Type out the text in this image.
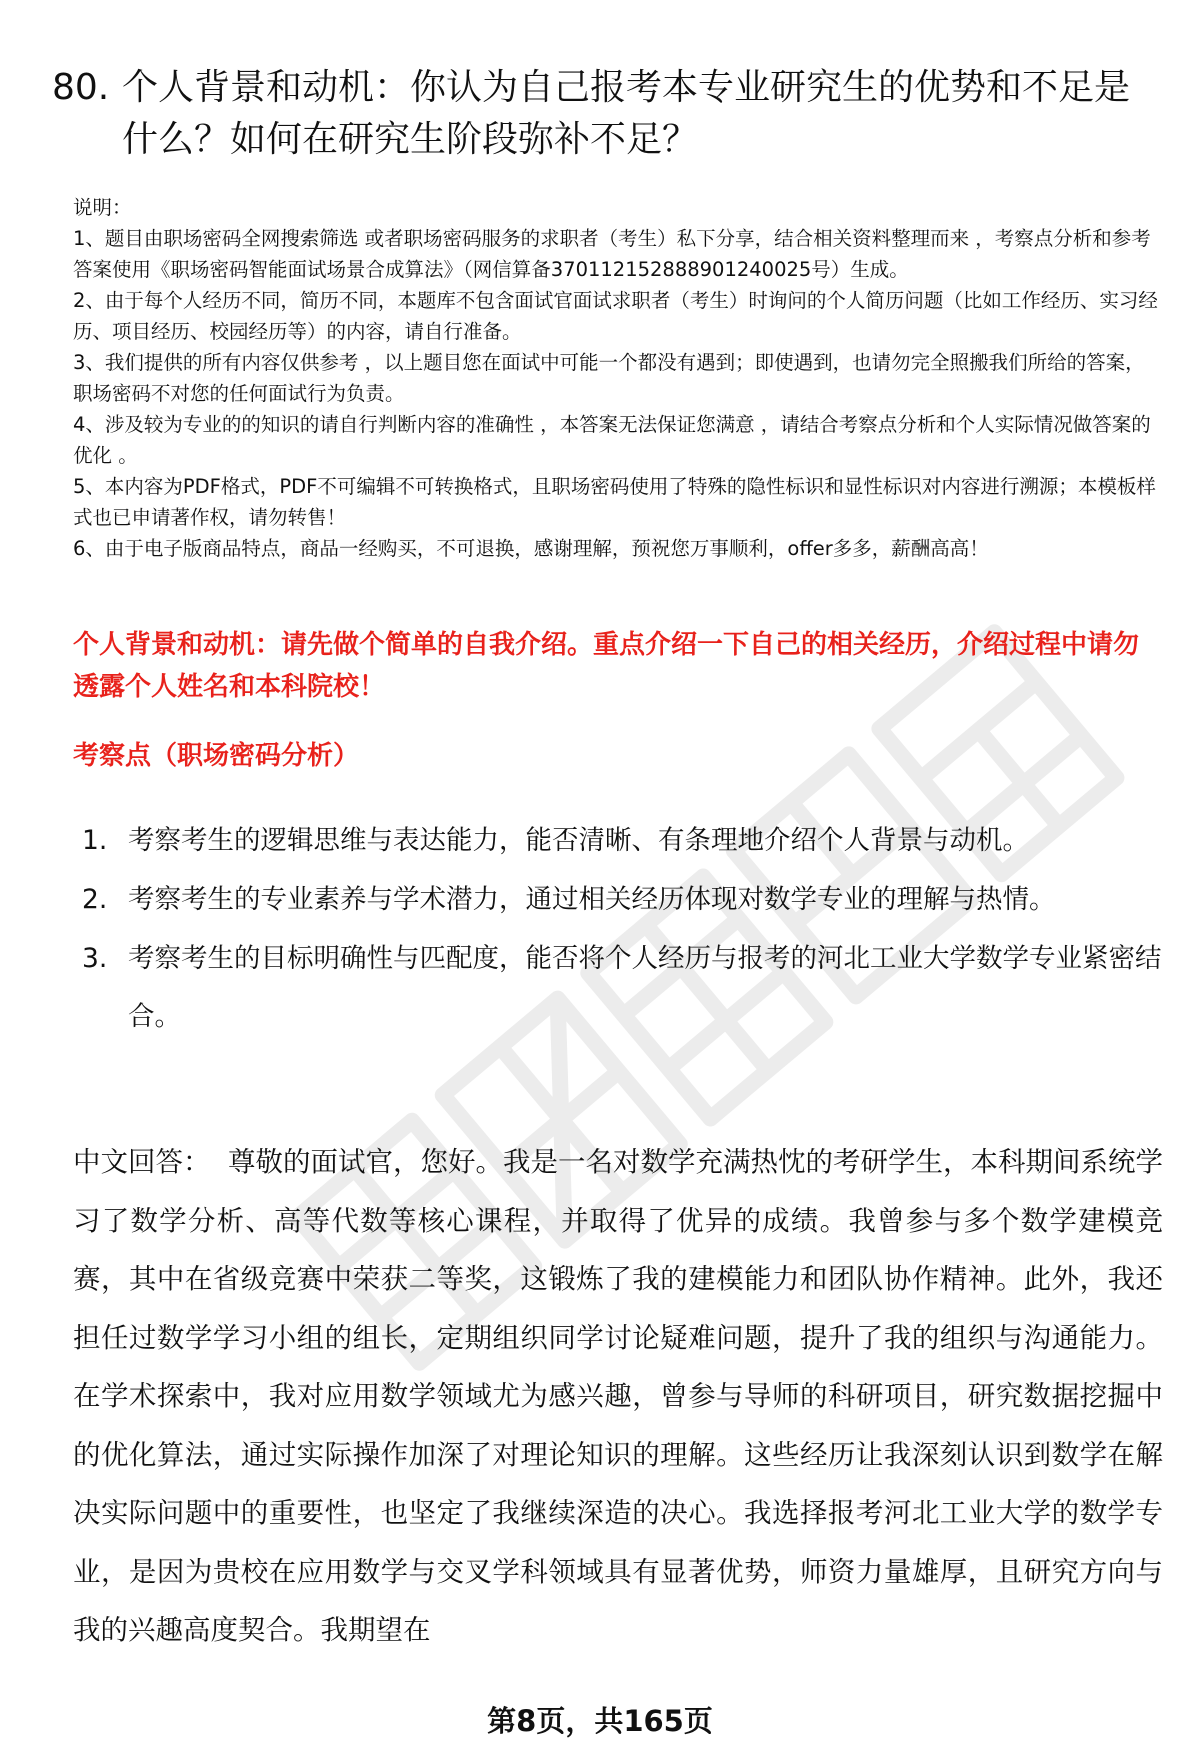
80. 个人背景和动机：你认为自己报考本专业研究生的优势和不足是什么？如何在研究生阶段弥补不足？

说明：

1、题目由职场密码全网搜索筛选 或者职场密码服务的求职者（考生）私下分享，结合相关资料整理而来 ，考察点分析和参考答案使用《职场密码智能面试场景合成算法》（网信算备370112152888901240025号）生成。

2、由于每个人经历不同，简历不同，本题库不包含面试官面试求职者（考生）时询问的个人简历问题（比如工作经历、实习经历、项目经历、校园经历等）的内容，请自行准备。

3、我们提供的所有内容仅供参考 ，以上题目您在面试中可能一个都没有遇到；即使遇到，也请勿完全照搬我们所给的答案，职场密码不对您的任何面试行为负责。

4、涉及较为专业的的知识的请自行判断内容的准确性 ，本答案无法保证您满意 ，请结合考察点分析和个人实际情况做答案的优化 。

5、本内容为PDF格式，PDF不可编辑不可转换格式，且职场密码使用了特殊的隐性标识和显性标识对内容进行溯源；本模板样式也已申请著作权，请勿转售！

6、由于电子版商品特点，商品一经购买，不可退换，感谢理解，预祝您万事顺利，offer多多，薪酬高高！

个人背景和动机：请先做个简单的自我介绍。重点介绍一下自己的相关经历，介绍过程中请勿透露个人姓名和本科院校！

考察点（职场密码分析）

1. 考察考生的逻辑思维与表达能力，能否清晰、有条理地介绍个人背景与动机。
2. 考察考生的专业素养与学术潜力，通过相关经历体现对数学专业的理解与热情。
3. 考察考生的目标明确性与匹配度，能否将个人经历与报考的河北工业大学数学专业紧密结合。

中文回答： 尊敬的面试官，您好。我是一名对数学充满热忱的考研学生，本科期间系统学习了数学分析、高等代数等核心课程，并取得了优异的成绩。我曾参与多个数学建模竞赛，其中在省级竞赛中荣获二等奖，这锻炼了我的建模能力和团队协作精神。此外，我还担任过数学学习小组的组长，定期组织同学讨论疑难问题，提升了我的组织与沟通能力。在学术探索中，我对应用数学领域尤为感兴趣，曾参与导师的科研项目，研究数据挖掘中的优化算法，通过实际操作加深了对理论知识的理解。这些经历让我深刻认识到数学在解决实际问题中的重要性，也坚定了我继续深造的决心。我选择报考河北工业大学的数学专业，是因为贵校在应用数学与交叉学科领域具有显著优势，师资力量雄厚，且研究方向与我的兴趣高度契合。我期望在

第8页，共165页
